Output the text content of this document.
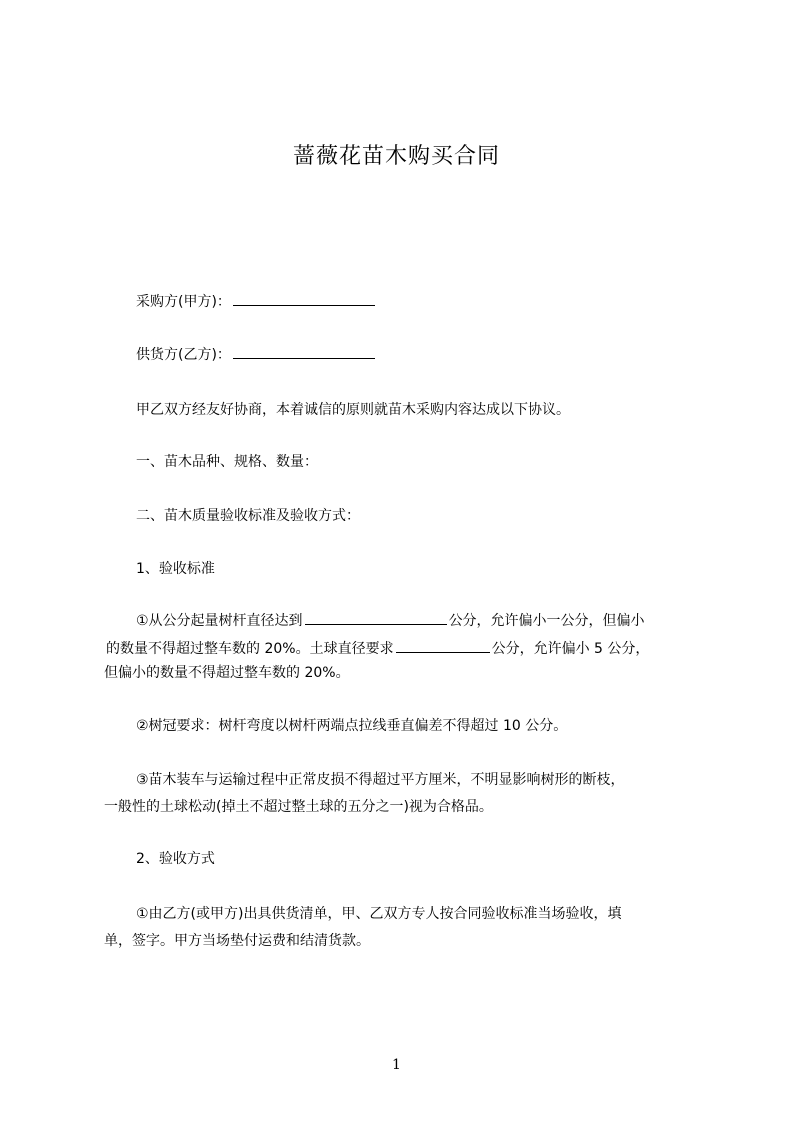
蔷薇花苗木购买合同
采购方(甲方)：
供货方(乙方)：
甲乙双方经友好协商，本着诚信的原则就苗木采购内容达成以下协议。
一、苗木品种、规格、数量：
二、苗木质量验收标准及验收方式：
1、验收标准
①从公分起量树杆直径达到	公分，允许偏小一公分，但偏小
的数量不得超过整车数的 20%。土球直径要求	公分，允许偏小 5 公分，
但偏小的数量不得超过整车数的 20%。
②树冠要求：树杆弯度以树杆两端点拉线垂直偏差不得超过 10 公分。
③苗木装车与运输过程中正常皮损不得超过平方厘米，不明显影响树形的断枝，
一般性的土球松动(掉土不超过整土球的五分之一)视为合格品。
2、验收方式
①由乙方(或甲方)出具供货清单，甲、乙双方专人按合同验收标准当场验收，填
单，签字。甲方当场垫付运费和结清货款。
1
